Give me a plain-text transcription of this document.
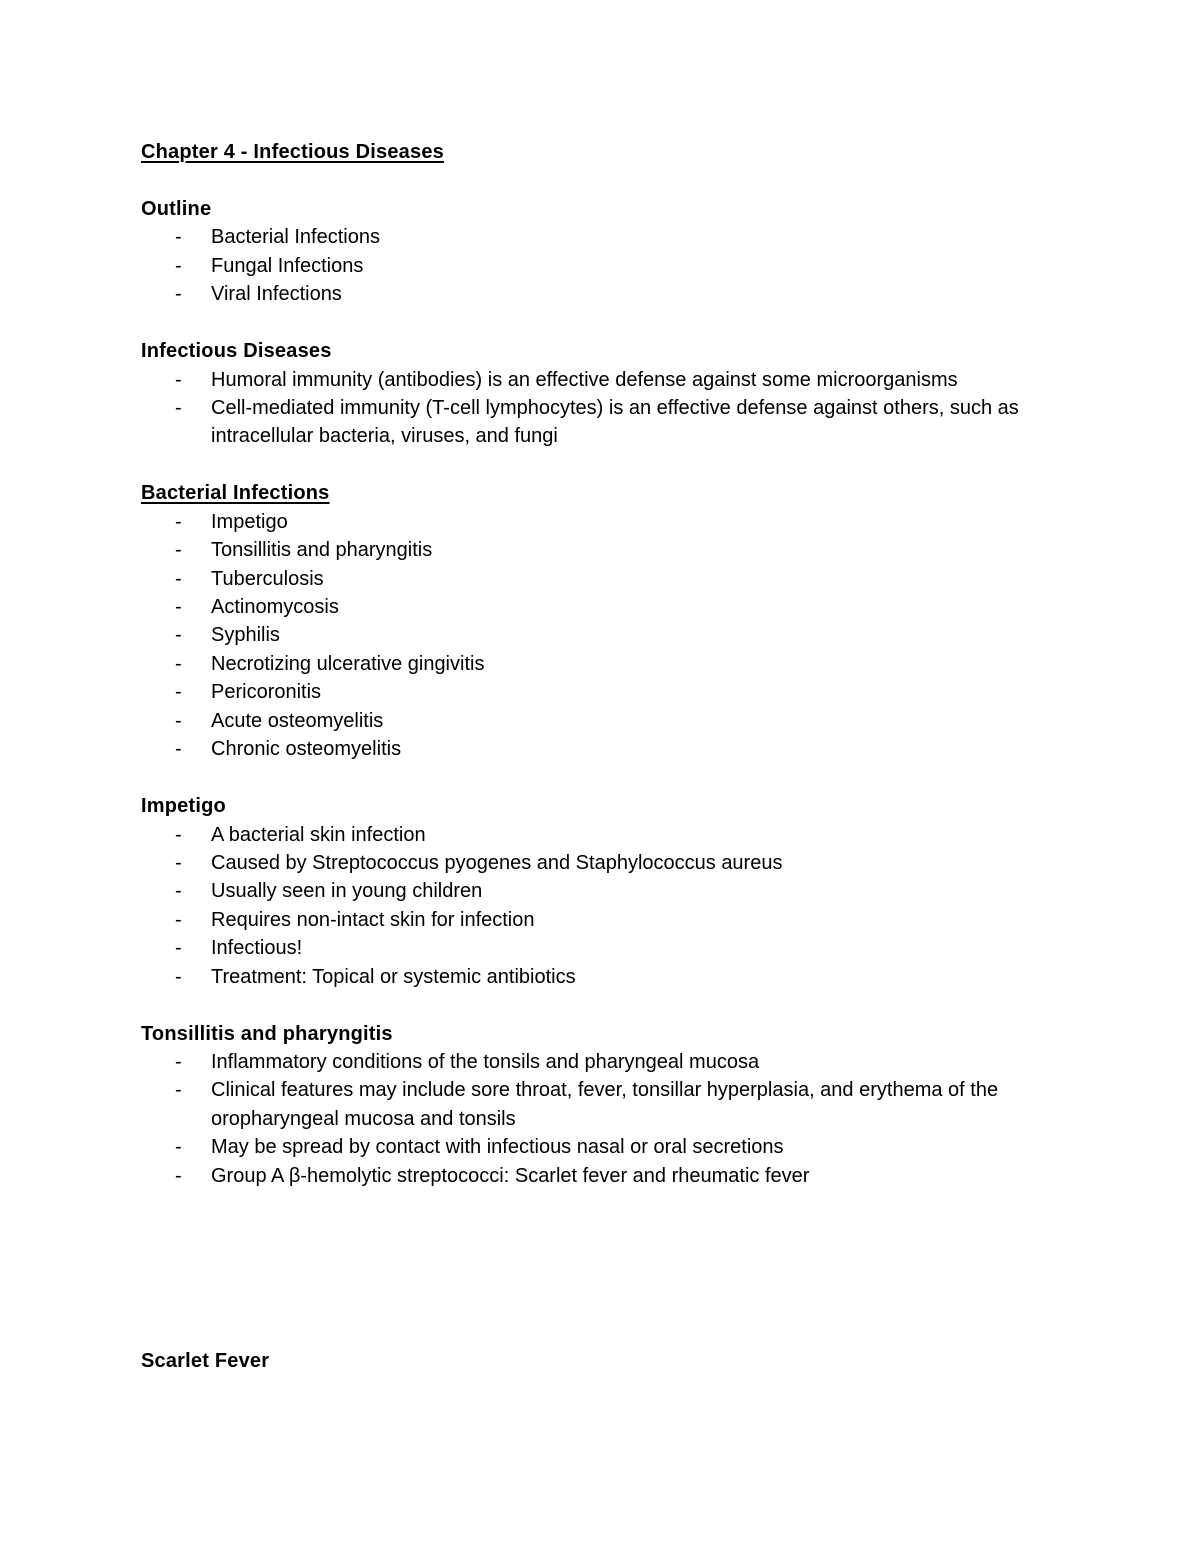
Chapter 4 - Infectious Diseases

Outline

- Bacterial Infections
- Fungal Infections
- Viral Infections

Infectious Diseases

- Humoral immunity (antibodies) is an effective defense against some microorganisms
- Cell-mediated immunity (T-cell lymphocytes) is an effective defense against others, such as intracellular bacteria, viruses, and fungi

Bacterial Infections

- Impetigo
- Tonsillitis and pharyngitis
- Tuberculosis
- Actinomycosis
- Syphilis
- Necrotizing ulcerative gingivitis
- Pericoronitis
- Acute osteomyelitis
- Chronic osteomyelitis

Impetigo

- A bacterial skin infection
- Caused by Streptococcus pyogenes and Staphylococcus aureus
- Usually seen in young children
- Requires non-intact skin for infection
- Infectious!
- Treatment: Topical or systemic antibiotics

Tonsillitis and pharyngitis

- Inflammatory conditions of the tonsils and pharyngeal mucosa
- Clinical features may include sore throat, fever, tonsillar hyperplasia, and erythema of the oropharyngeal mucosa and tonsils
- May be spread by contact with infectious nasal or oral secretions
- Group A β-hemolytic streptococci: Scarlet fever and rheumatic fever

Scarlet Fever
